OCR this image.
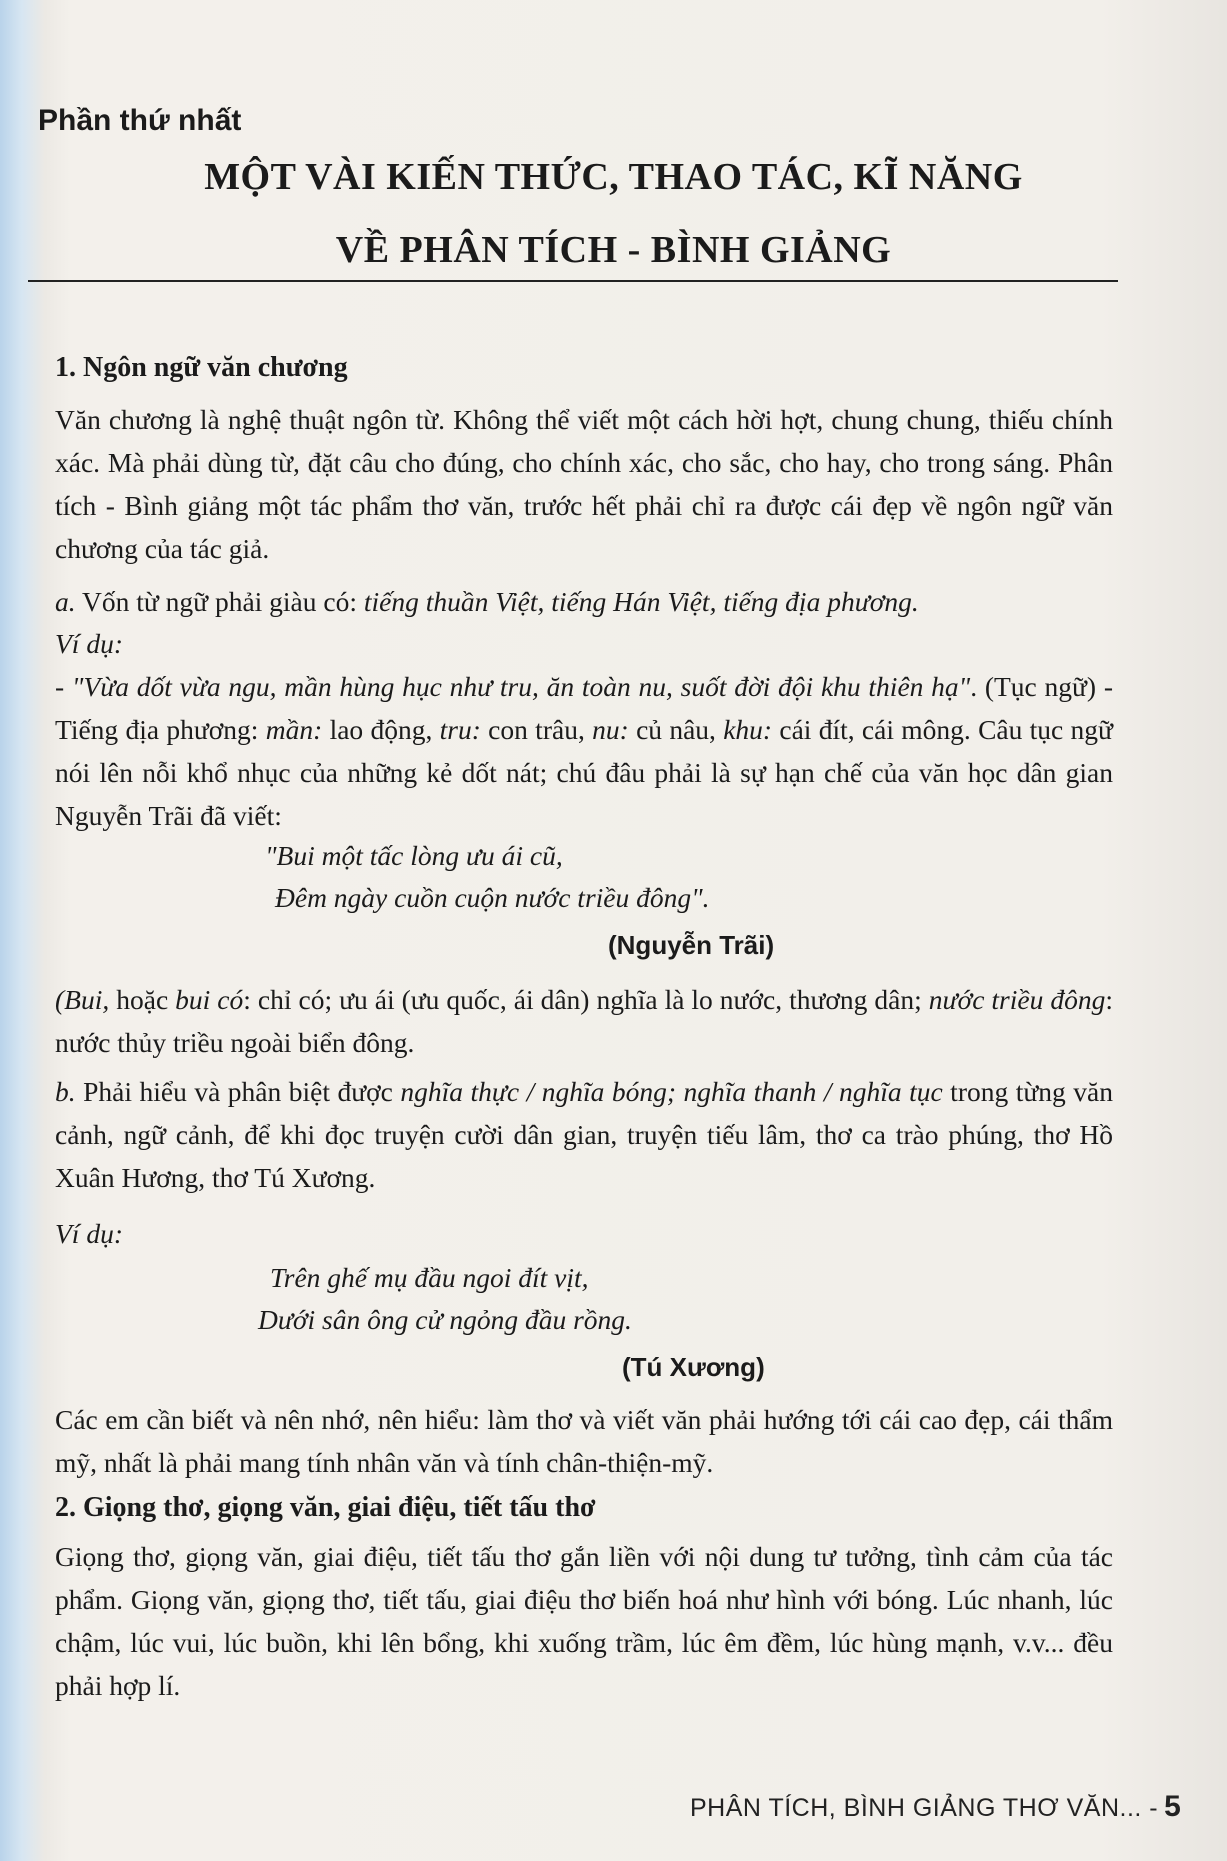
Phần thứ nhất
MỘT VÀI KIẾN THỨC, THAO TÁC, KĨ NĂNG
VỀ PHÂN TÍCH - BÌNH GIẢNG
1. Ngôn ngữ văn chương
Văn chương là nghệ thuật ngôn từ. Không thể viết một cách hời hợt, chung chung, thiếu chính xác. Mà phải dùng từ, đặt câu cho đúng, cho chính xác, cho sắc, cho hay, cho trong sáng. Phân tích - Bình giảng một tác phẩm thơ văn, trước hết phải chỉ ra được cái đẹp về ngôn ngữ văn chương của tác giả.
a. Vốn từ ngữ phải giàu có: tiếng thuần Việt, tiếng Hán Việt, tiếng địa phương.
Ví dụ:
- "Vừa dốt vừa ngu, mần hùng hục như tru, ăn toàn nu, suốt đời đội khu thiên hạ". (Tục ngữ) - Tiếng địa phương: mần: lao động, tru: con trâu, nu: củ nâu, khu: cái đít, cái mông. Câu tục ngữ nói lên nỗi khổ nhục của những kẻ dốt nát; chú đâu phải là sự hạn chế của văn học dân gian Nguyễn Trãi đã viết:
"Bui một tấc lòng ưu ái cũ,
Đêm ngày cuồn cuộn nước triều đông".
(Nguyễn Trãi)
(Bui, hoặc bui có: chỉ có; ưu ái (ưu quốc, ái dân) nghĩa là lo nước, thương dân; nước triều đông: nước thủy triều ngoài biển đông.
b. Phải hiểu và phân biệt được nghĩa thực / nghĩa bóng; nghĩa thanh / nghĩa tục trong từng văn cảnh, ngữ cảnh, để khi đọc truyện cười dân gian, truyện tiếu lâm, thơ ca trào phúng, thơ Hồ Xuân Hương, thơ Tú Xương.
Ví dụ:
Trên ghế mụ đầu ngoi đít vịt,
Dưới sân ông cử ngỏng đầu rồng.
(Tú Xương)
Các em cần biết và nên nhớ, nên hiểu: làm thơ và viết văn phải hướng tới cái cao đẹp, cái thẩm mỹ, nhất là phải mang tính nhân văn và tính chân-thiện-mỹ.
2. Giọng thơ, giọng văn, giai điệu, tiết tấu thơ
Giọng thơ, giọng văn, giai điệu, tiết tấu thơ gắn liền với nội dung tư tưởng, tình cảm của tác phẩm. Giọng văn, giọng thơ, tiết tấu, giai điệu thơ biến hoá như hình với bóng. Lúc nhanh, lúc chậm, lúc vui, lúc buồn, khi lên bổng, khi xuống trầm, lúc êm đềm, lúc hùng mạnh, v.v... đều phải hợp lí.
PHÂN TÍCH, BÌNH GIẢNG THƠ VĂN... - 5
